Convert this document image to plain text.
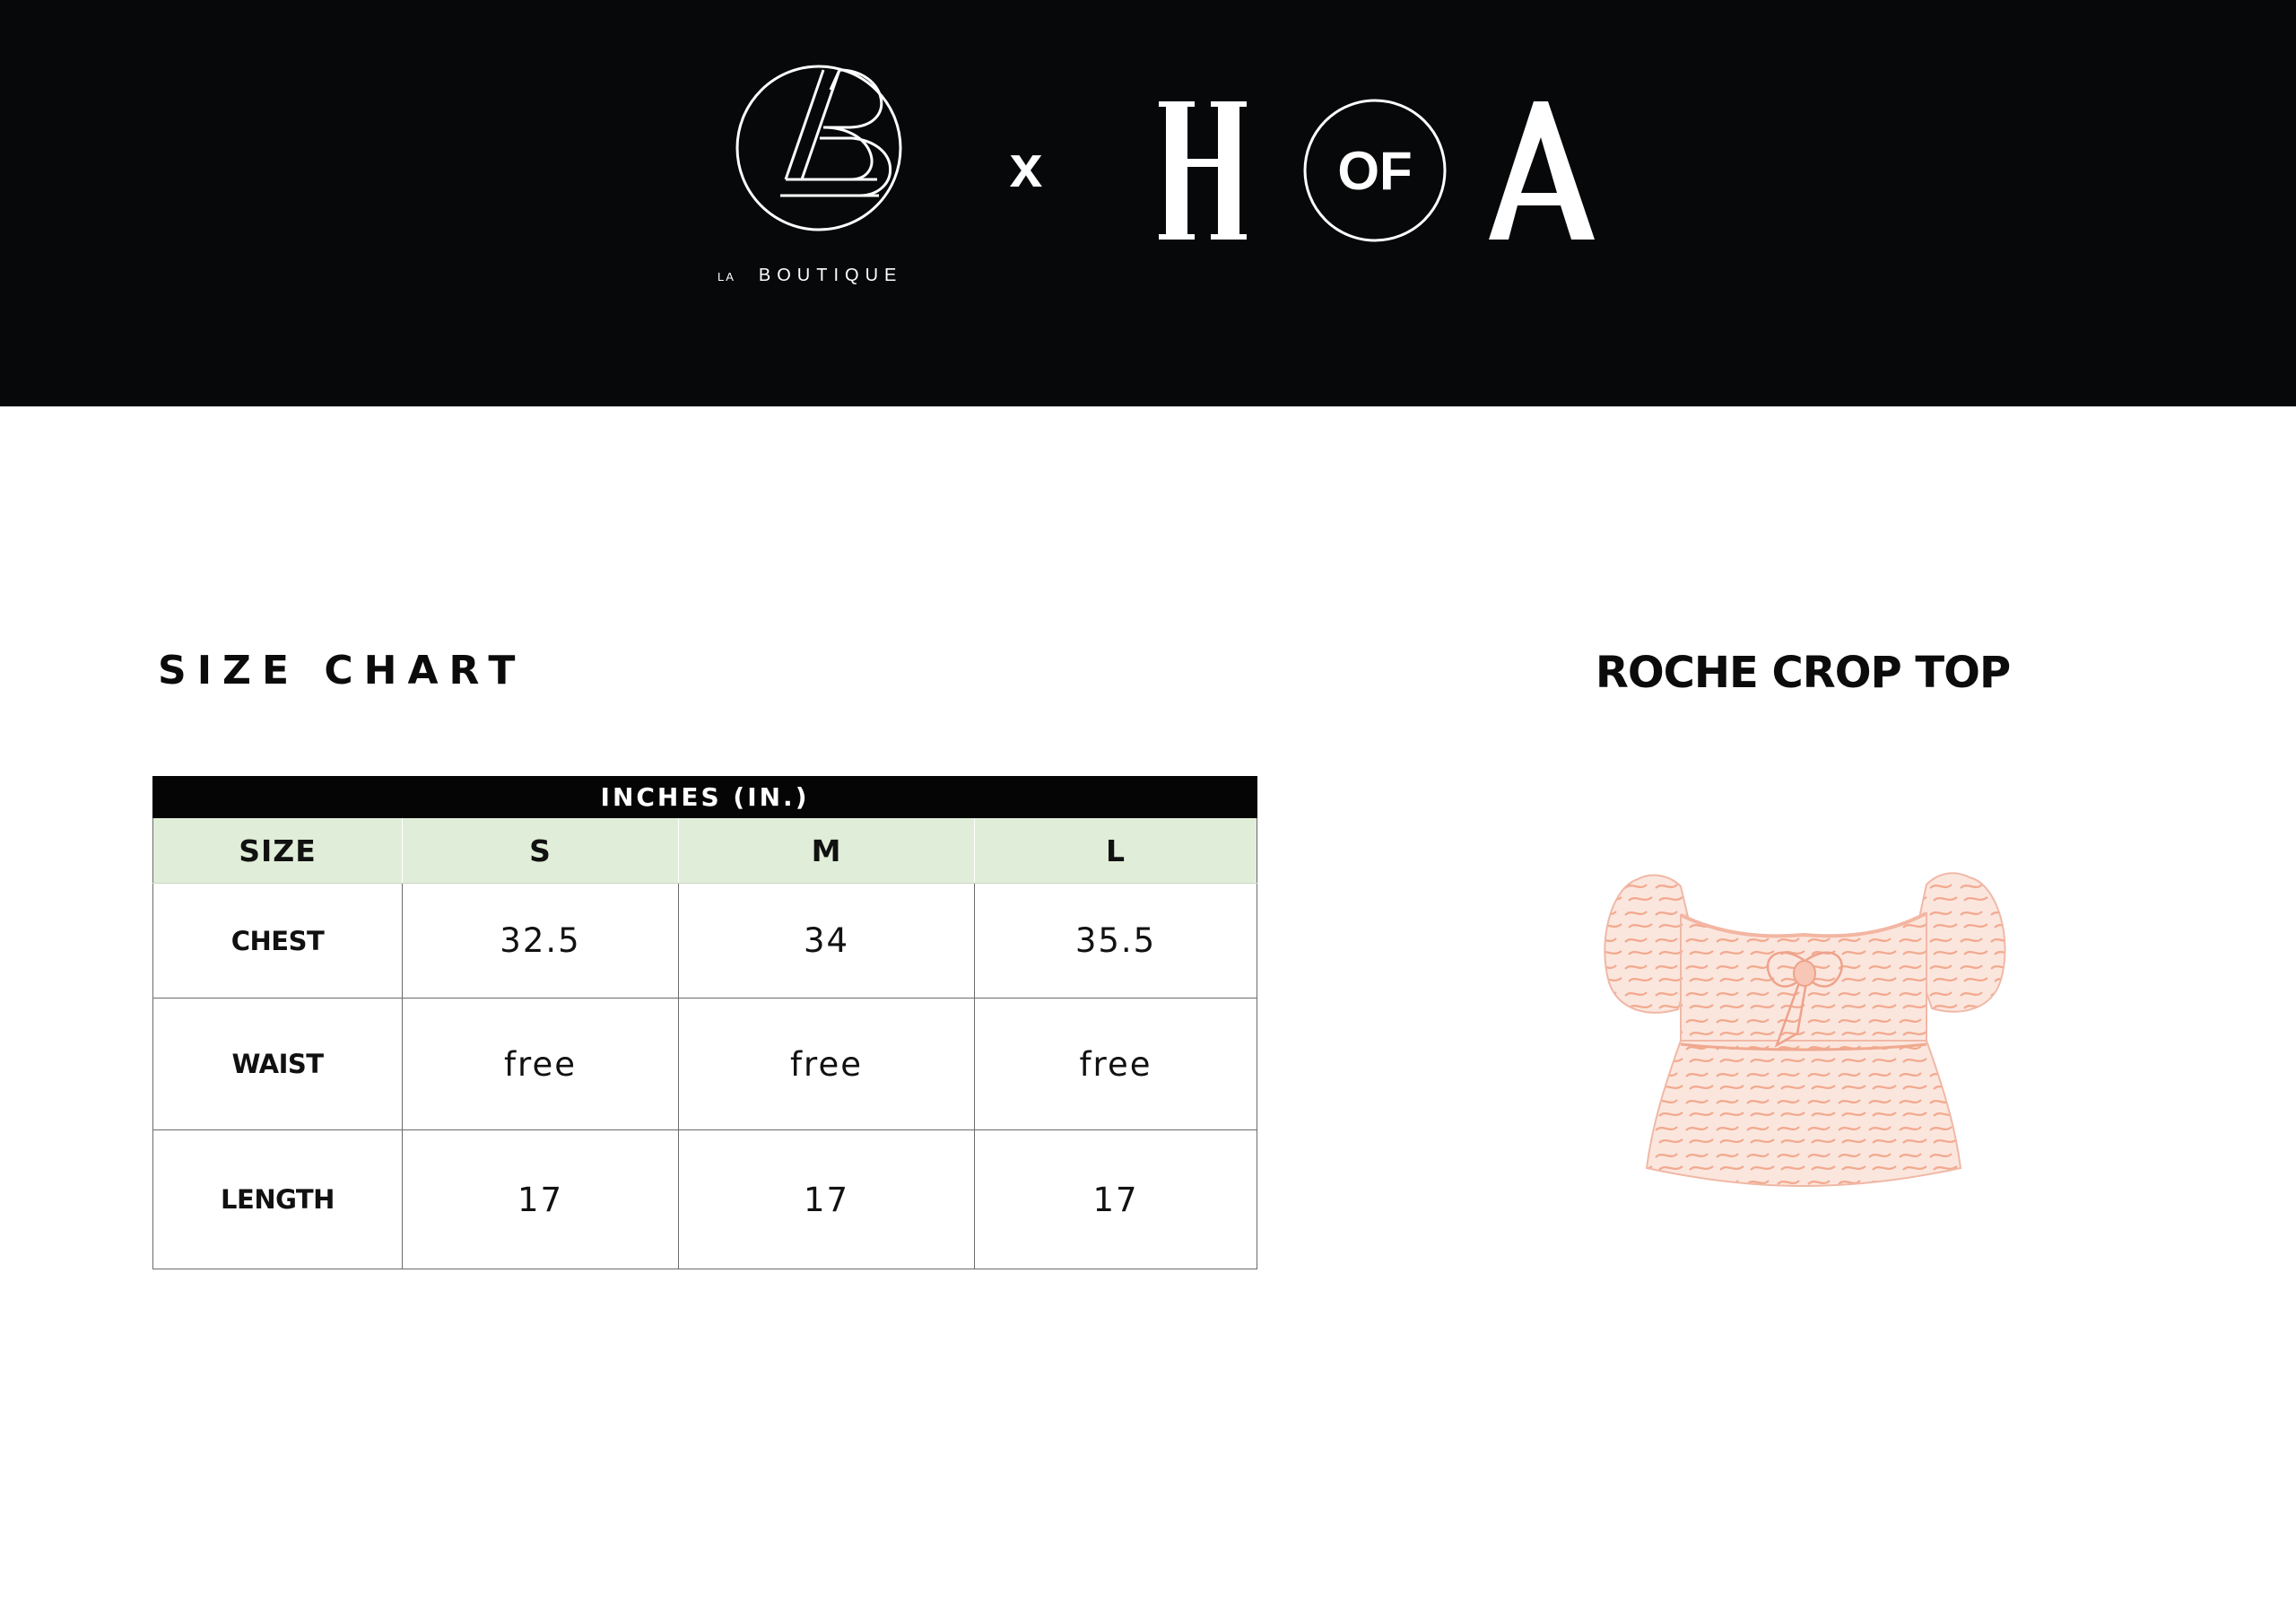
LA BOUTIQUE
x	OF
SIZE CHART	ROCHE CROP TOP
INCHES (IN.)			
SIZE	S	M	L
CHEST	32.5	34	35.5
WAIST	free	free	free
LENGTH	17	17	17
